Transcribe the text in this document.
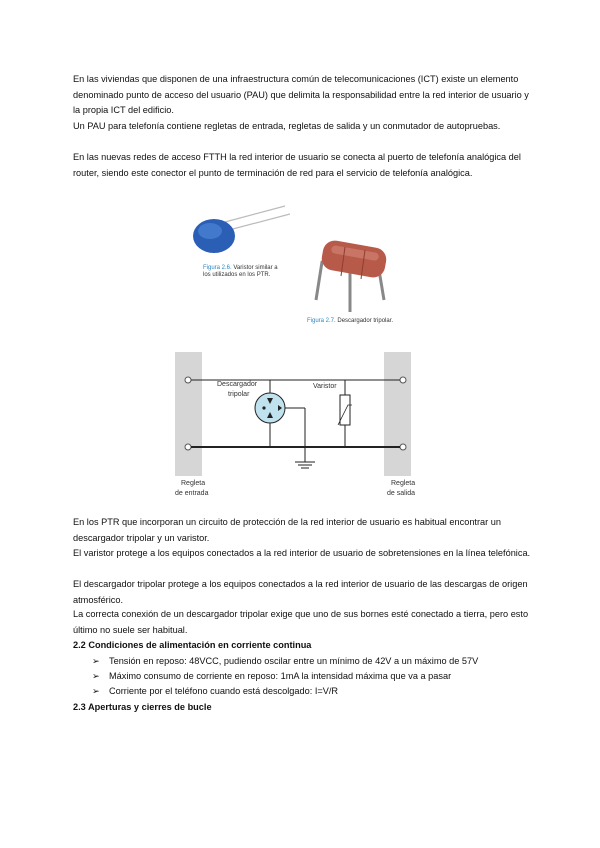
En las viviendas que disponen de una infraestructura común de telecomunicaciones (ICT) existe un elemento denominado punto de acceso del usuario (PAU) que delimita la responsabilidad entre la red interior de usuario y la propia ICT del edificio.

Un PAU para telefonía contiene regletas de entrada, regletas de salida y un conmutador de autopruebas.

En las nuevas redes de acceso FTTH la red interior de usuario se conecta al puerto de telefonía analógica del router, siendo este conector el punto de terminación de red para el servicio de telefonía analógica.

Figura 2.6. Varistor similar a los utilizados en los PTR.
Figura 2.7. Descargador tripolar.
Descargador
tripolar
Varistor
Regleta
de entrada
Regleta
de salida

En los PTR que incorporan un circuito de protección de la red interior de usuario es habitual encontrar un descargador tripolar y un varistor.

El varistor protege a los equipos conectados a la red interior de usuario de sobretensiones en la línea telefónica.

El descargador tripolar protege a los equipos conectados a la red interior de usuario de las descargas de origen atmosférico.

La correcta conexión de un descargador tripolar exige que uno de sus bornes esté conectado a tierra, pero esto último no suele ser habitual.

2.2 Condiciones de alimentación en corriente continua

➢ Tensión en reposo: 48VCC, pudiendo oscilar entre un mínimo de 42V a un máximo de 57V

➢ Máximo consumo de corriente en reposo: 1mA la intensidad máxima que va a pasar

➢ Corriente por el teléfono cuando está descolgado: I=V/R

2.3 Aperturas y cierres de bucle
